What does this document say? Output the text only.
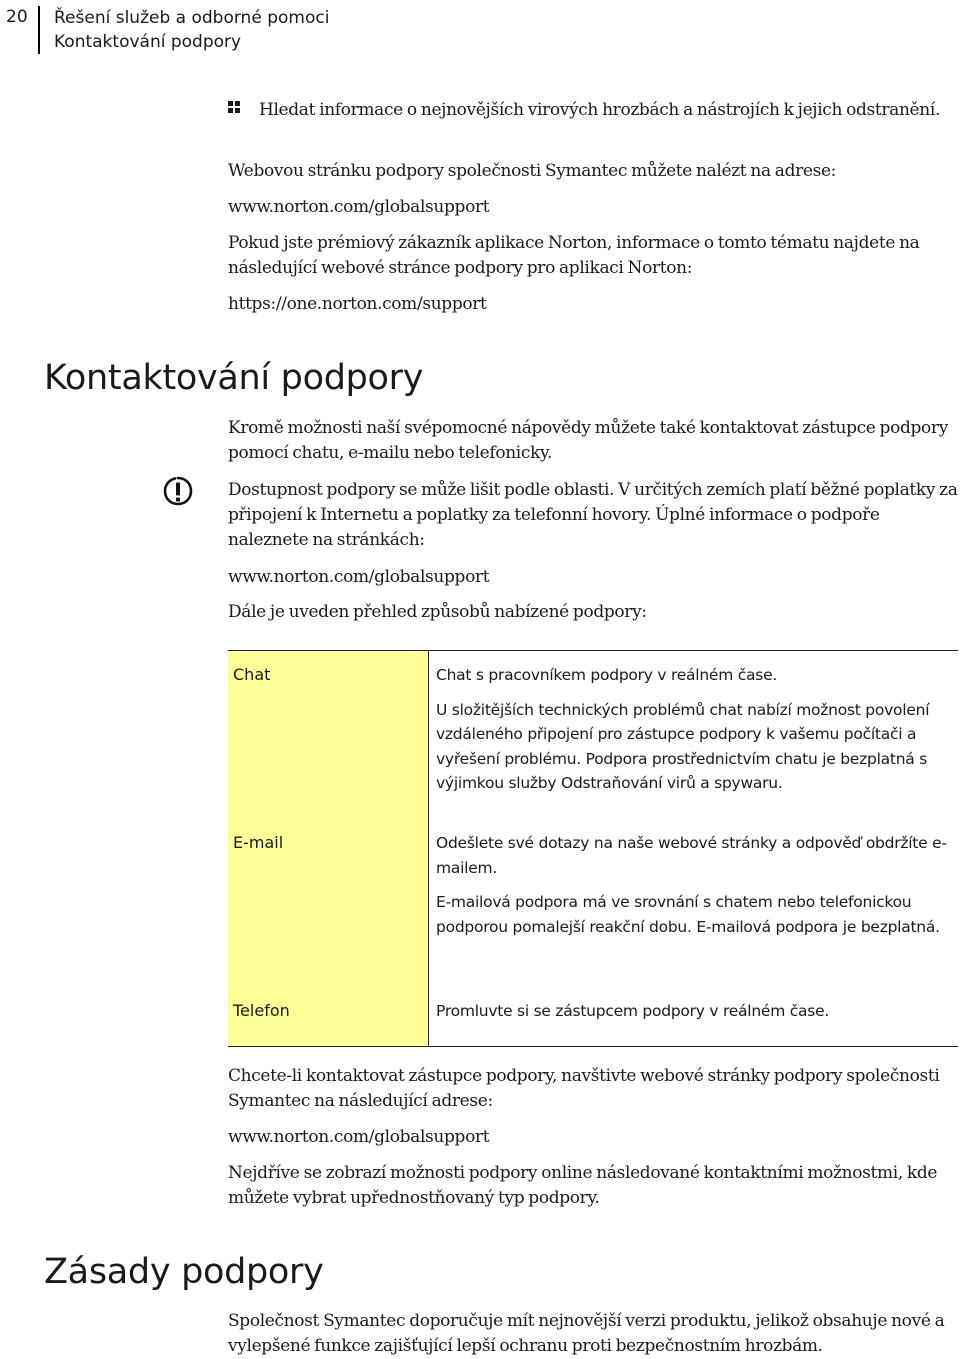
20 Řešení služeb a odborné pomoci
Kontaktování podpory
Hledat informace o nejnovějších virových hrozbách a nástrojích k jejich odstranění.
Webovou stránku podpory společnosti Symantec můžete nalézt na adrese:
www.norton.com/globalsupport
Pokud jste prémiový zákazník aplikace Norton, informace o tomto tématu najdete na následující webové stránce podpory pro aplikaci Norton:
https://one.norton.com/support
Kontaktování podpory
Kromě možnosti naší svépomocné nápovědy můžete také kontaktovat zástupce podpory pomocí chatu, e-mailu nebo telefonicky.
Dostupnost podpory se může lišit podle oblasti. V určitých zemích platí běžné poplatky za připojení k Internetu a poplatky za telefonní hovory. Úplné informace o podpoře naleznete na stránkách:
www.norton.com/globalsupport
Dále je uveden přehled způsobů nabízené podpory:
Chat	Chat s pracovníkem podpory v reálném čase.

U složitějších technických problémů chat nabízí možnost povolení vzdáleného připojení pro zástupce podpory k vašemu počítači a vyřešení problému. Podpora prostřednictvím chatu je bezplatná s výjimkou služby Odstraňování virů a spywaru.

E-mail	Odešlete své dotazy na naše webové stránky a odpověď obdržíte e-mailem.

E-mailová podpora má ve srovnání s chatem nebo telefonickou podporou pomalejší reakční dobu. E-mailová podpora je bezplatná.

Telefon	Promluvte si se zástupcem podpory v reálném čase.

Chcete-li kontaktovat zástupce podpory, navštivte webové stránky podpory společnosti Symantec na následující adrese:
www.norton.com/globalsupport
Nejdříve se zobrazí možnosti podpory online následované kontaktními možnostmi, kde můžete vybrat upřednostňovaný typ podpory.
Zásady podpory
Společnost Symantec doporučuje mít nejnovější verzi produktu, jelikož obsahuje nové a vylepšené funkce zajišťující lepší ochranu proti bezpečnostním hrozbám.
